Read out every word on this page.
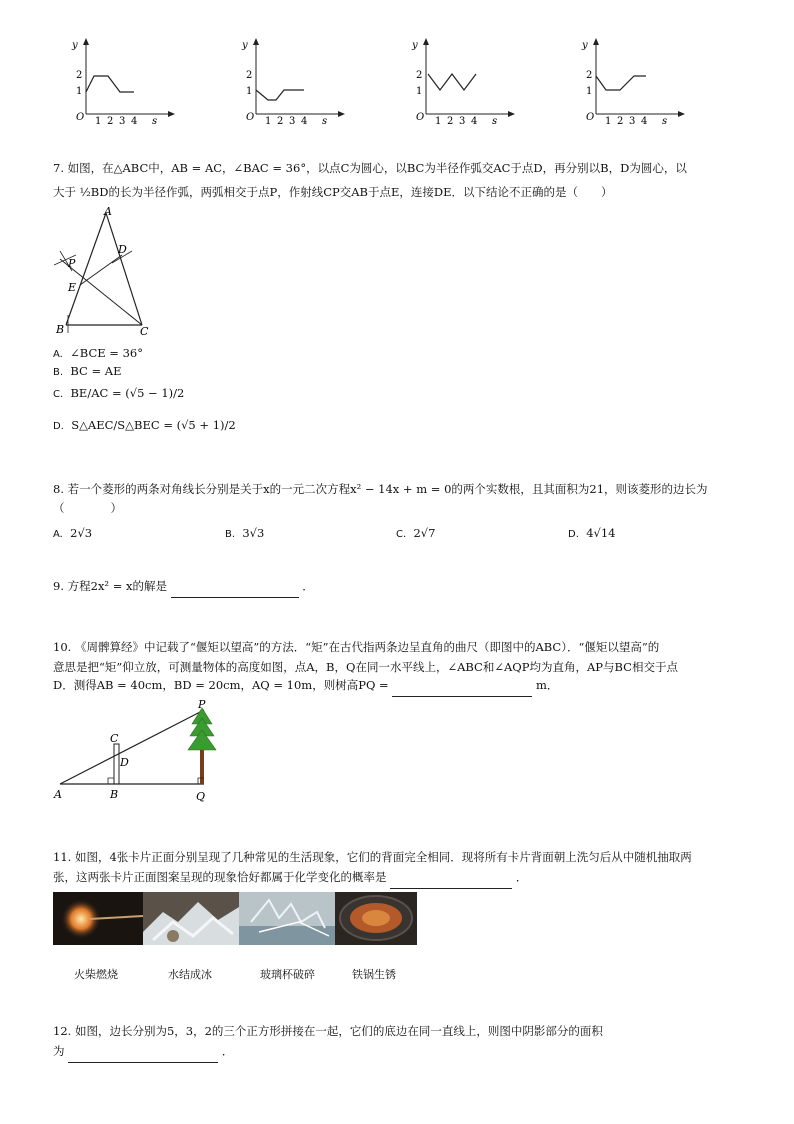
y
2
1
O 1 2 3 4 s
y
2
1
O 1 2 3 4 s
y
2
1
O 1 2 3 4 s
y
2
1
O 1 2 3 4 s
7. 如图，在△ABC中，AB = AC，∠BAC = 36°，以点C为圆心，以BC为半径作弧交AC于点D，再分别以B，D为圆心，以
大于 ½BD的长为半径作弧，两弧相交于点P，作射线CP交AB于点E，连接DE．以下结论不正确的是（　　）
A
D
P
E
B	C
A. ∠BCE = 36°
B. BC = AE
C. BE/AC = (√5 − 1)/2
D. S△AEC/S△BEC = (√5 + 1)/2
8. 若一个菱形的两条对角线长分别是关于x的一元二次方程x² − 14x + m = 0的两个实数根，且其面积为21，则该菱形的边长为
（　　　　）
A. 2√3	B. 3√3	C. 2√7	D. 4√14
9. 方程2x² = x的解是	．
10. 《周髀算经》中记载了“偃矩以望高”的方法．“矩”在古代指两条边呈直角的曲尺（即图中的ABC）．“偃矩以望高”的
意思是把“矩”仰立放，可测量物体的高度如图，点A，B，Q在同一水平线上，∠ABC和∠AQP均为直角，AP与BC相交于点
D．测得AB = 40cm，BD = 20cm，AQ = 10m，则树高PQ =	m．
P
C
D
A	B	Q
11. 如图，4张卡片正面分别呈现了几种常见的生活现象，它们的背面完全相同．现将所有卡片背面朝上洗匀后从中随机抽取两
张，这两张卡片正面图案呈现的现象恰好都属于化学变化的概率是	．
火柴燃烧	水结成冰	玻璃杯破碎	铁锅生锈
12. 如图，边长分别为5，3，2的三个正方形拼接在一起，它们的底边在同一直线上，则图中阴影部分的面积
为	．
